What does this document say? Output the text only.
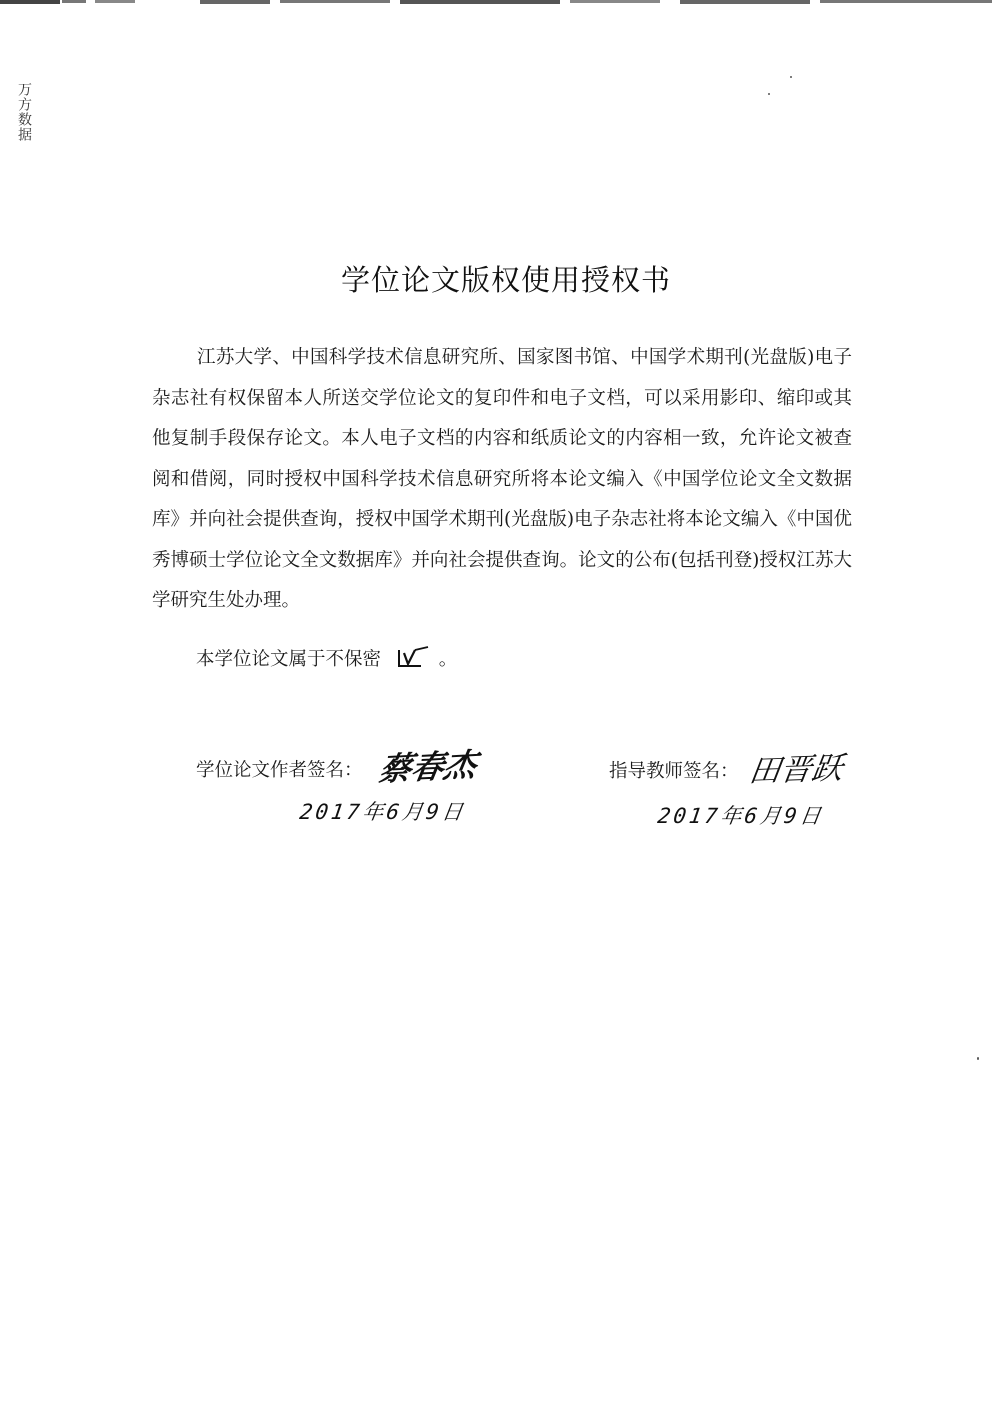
万方数据
学位论文版权使用授权书

江苏大学、中国科学技术信息研究所、国家图书馆、中国学术期刊(光盘版)电子杂志社有权保留本人所送交学位论文的复印件和电子文档，可以采用影印、缩印或其他复制手段保存论文。本人电子文档的内容和纸质论文的内容相一致，允许论文被查阅和借阅，同时授权中国科学技术信息研究所将本论文编入《中国学位论文全文数据库》并向社会提供查询，授权中国学术期刊(光盘版)电子杂志社将本论文编入《中国优秀博硕士学位论文全文数据库》并向社会提供查询。论文的公布(包括刊登)授权江苏大学研究生处办理。

本学位论文属于不保密	。
学位论文作者签名： 蔡春杰
2017年6月9日
指导教师签名： 田晋跃
2017年6月9日
